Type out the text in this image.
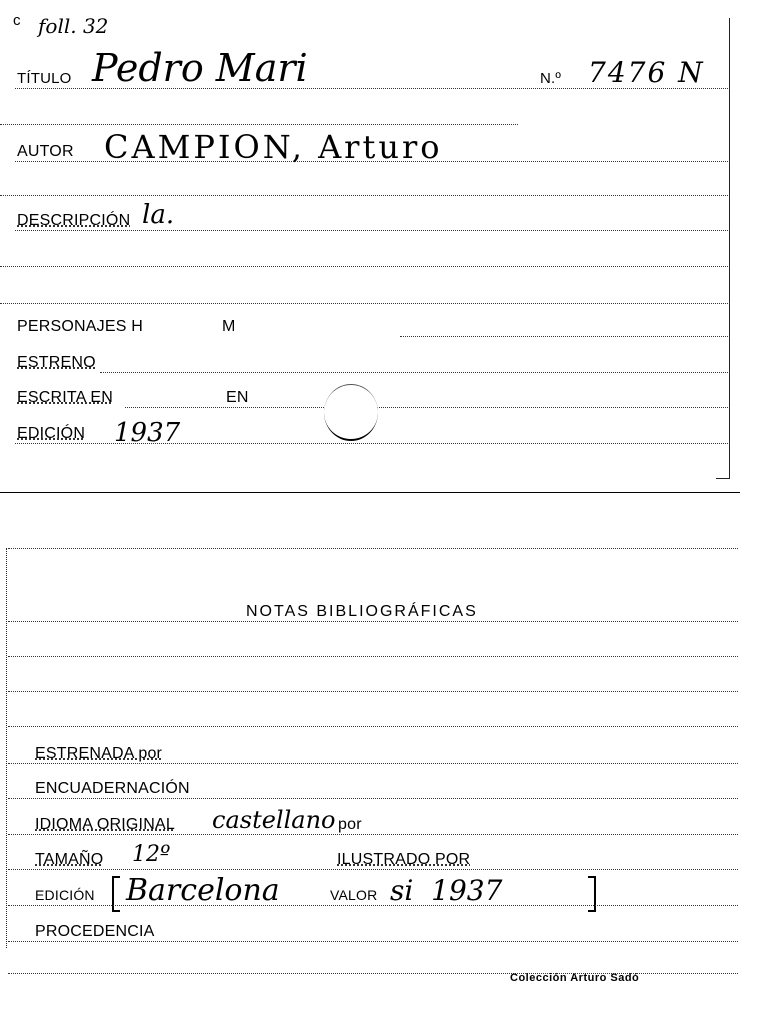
c foll. 32
TÍTULO Pedro Mari	N.º 7476 N
AUTOR CAMPION, Arturo
DESCRIPCIÓN la.
PERSONAJES H	M
ESTRENO
ESCRITA EN	EN
EDICIÓN 1937
NOTAS BIBLIOGRÁFICAS
ESTRENADA por
ENCUADERNACIÓN
IDIOMA ORIGINAL castellano por
TAMAÑO 12º	ILUSTRADO POR
EDICIÓN Barcelona	VALOR si  1937
PROCEDENCIA
Colección Arturo Sadó
